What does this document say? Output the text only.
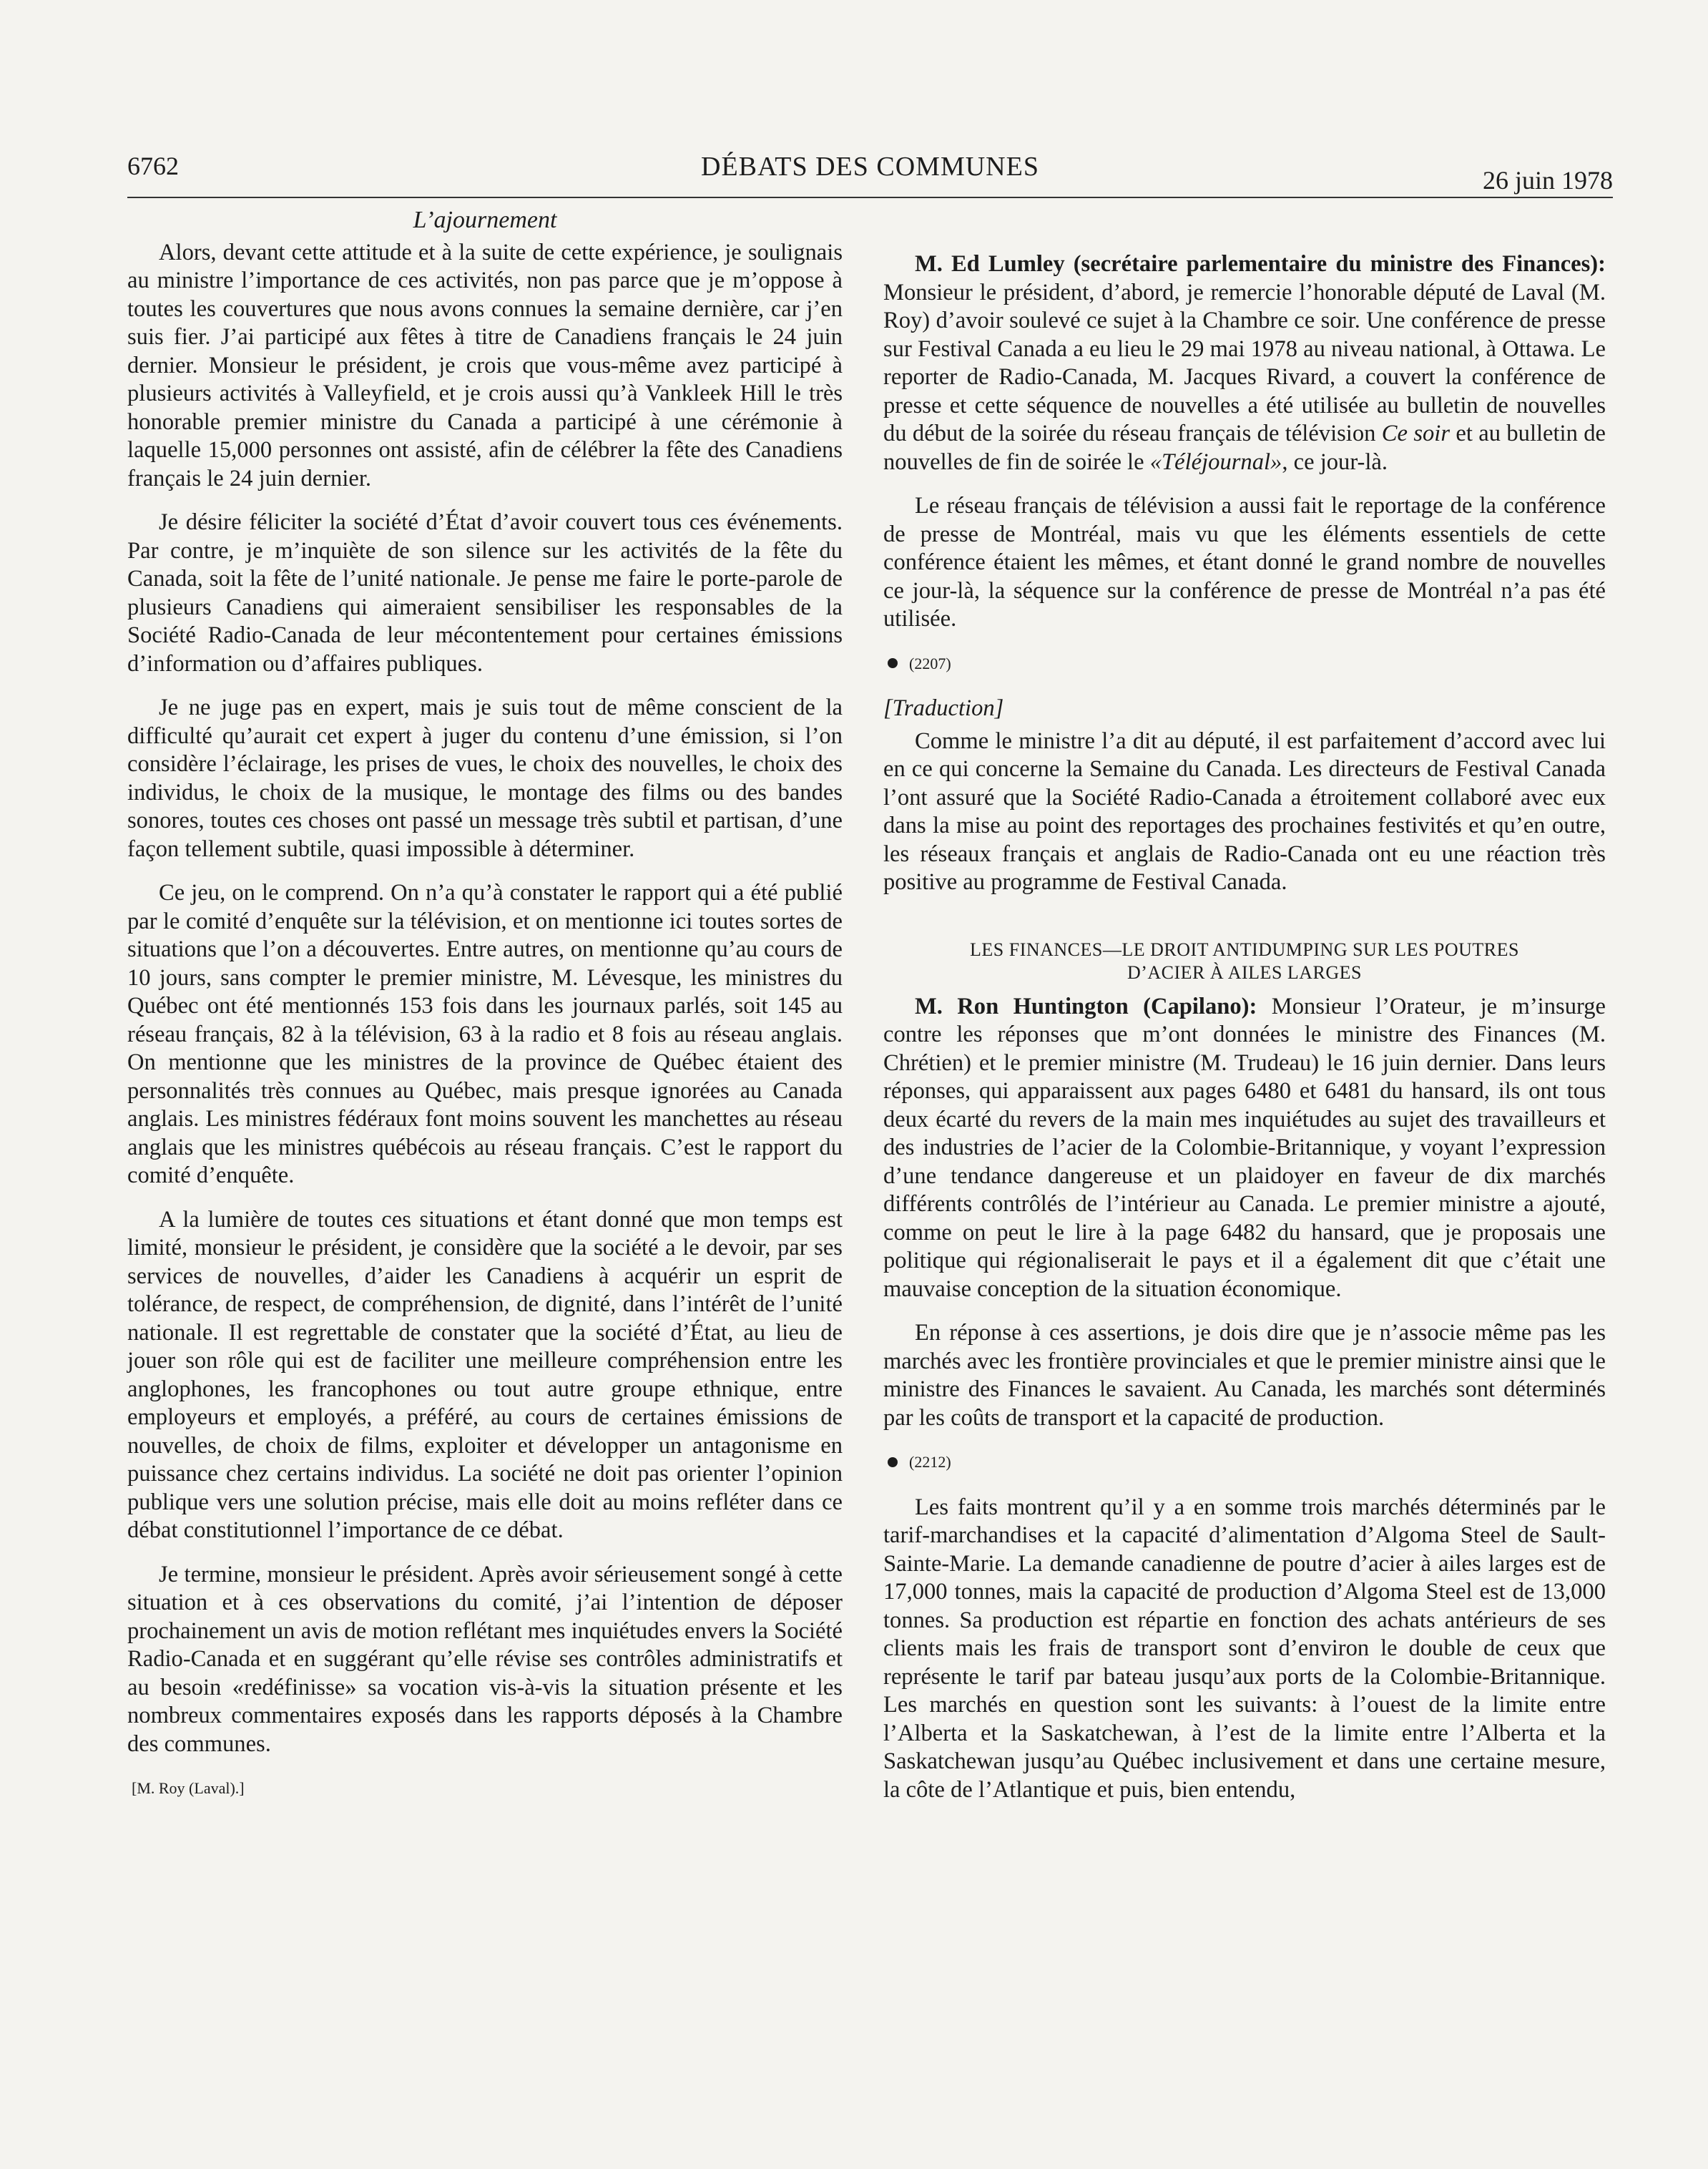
6762	DÉBATS DES COMMUNES	26 juin 1978
L’ajournement

Alors, devant cette attitude et à la suite de cette expérience, je soulignais au ministre l’importance de ces activités, non pas parce que je m’oppose à toutes les couvertures que nous avons connues la semaine dernière, car j’en suis fier. J’ai participé aux fêtes à titre de Canadiens français le 24 juin dernier. Monsieur le président, je crois que vous-même avez participé à plusieurs activités à Valleyfield, et je crois aussi qu’à Vankleek Hill le très honorable premier ministre du Canada a participé à une cérémonie à laquelle 15,000 personnes ont assisté, afin de célébrer la fête des Canadiens français le 24 juin dernier.

Je désire féliciter la société d’État d’avoir couvert tous ces événements. Par contre, je m’inquiète de son silence sur les activités de la fête du Canada, soit la fête de l’unité nationale. Je pense me faire le porte-parole de plusieurs Canadiens qui aimeraient sensibiliser les responsables de la Société Radio-Canada de leur mécontentement pour certaines émissions d’information ou d’affaires publiques.

Je ne juge pas en expert, mais je suis tout de même conscient de la difficulté qu’aurait cet expert à juger du contenu d’une émission, si l’on considère l’éclairage, les prises de vues, le choix des nouvelles, le choix des individus, le choix de la musique, le montage des films ou des bandes sonores, toutes ces choses ont passé un message très subtil et partisan, d’une façon tellement subtile, quasi impossible à déterminer.

Ce jeu, on le comprend. On n’a qu’à constater le rapport qui a été publié par le comité d’enquête sur la télévision, et on mentionne ici toutes sortes de situations que l’on a découvertes. Entre autres, on mentionne qu’au cours de 10 jours, sans compter le premier ministre, M. Lévesque, les ministres du Québec ont été mentionnés 153 fois dans les journaux parlés, soit 145 au réseau français, 82 à la télévision, 63 à la radio et 8 fois au réseau anglais. On mentionne que les ministres de la province de Québec étaient des personnalités très connues au Québec, mais presque ignorées au Canada anglais. Les ministres fédéraux font moins souvent les manchettes au réseau anglais que les ministres québécois au réseau français. C’est le rapport du comité d’enquête.

A la lumière de toutes ces situations et étant donné que mon temps est limité, monsieur le président, je considère que la société a le devoir, par ses services de nouvelles, d’aider les Canadiens à acquérir un esprit de tolérance, de respect, de compréhension, de dignité, dans l’intérêt de l’unité nationale. Il est regrettable de constater que la société d’État, au lieu de jouer son rôle qui est de faciliter une meilleure compréhension entre les anglophones, les francophones ou tout autre groupe ethnique, entre employeurs et employés, a préféré, au cours de certaines émissions de nouvelles, de choix de films, exploiter et développer un antagonisme en puissance chez certains individus. La société ne doit pas orienter l’opinion publique vers une solution précise, mais elle doit au moins refléter dans ce débat constitutionnel l’importance de ce débat.

Je termine, monsieur le président. Après avoir sérieusement songé à cette situation et à ces observations du comité, j’ai l’intention de déposer prochainement un avis de motion reflétant mes inquiétudes envers la Société Radio-Canada et en suggérant qu’elle révise ses contrôles administratifs et au besoin «redéfinisse» sa vocation vis-à-vis la situation présente et les nombreux commentaires exposés dans les rapports déposés à la Chambre des communes.

[M. Roy (Laval).]

M. Ed Lumley (secrétaire parlementaire du ministre des Finances): Monsieur le président, d’abord, je remercie l’honorable député de Laval (M. Roy) d’avoir soulevé ce sujet à la Chambre ce soir. Une conférence de presse sur Festival Canada a eu lieu le 29 mai 1978 au niveau national, à Ottawa. Le reporter de Radio-Canada, M. Jacques Rivard, a couvert la conférence de presse et cette séquence de nouvelles a été utilisée au bulletin de nouvelles du début de la soirée du réseau français de télévision Ce soir et au bulletin de nouvelles de fin de soirée le «Téléjournal», ce jour-là.

Le réseau français de télévision a aussi fait le reportage de la conférence de presse de Montréal, mais vu que les éléments essentiels de cette conférence étaient les mêmes, et étant donné le grand nombre de nouvelles ce jour-là, la séquence sur la conférence de presse de Montréal n’a pas été utilisée.

(2207)
[Traduction]

Comme le ministre l’a dit au député, il est parfaitement d’accord avec lui en ce qui concerne la Semaine du Canada. Les directeurs de Festival Canada l’ont assuré que la Société Radio-Canada a étroitement collaboré avec eux dans la mise au point des reportages des prochaines festivités et qu’en outre, les réseaux français et anglais de Radio-Canada ont eu une réaction très positive au programme de Festival Canada.

LES FINANCES—LE DROIT ANTIDUMPING SUR LES POUTRES
D’ACIER À AILES LARGES

M. Ron Huntington (Capilano): Monsieur l’Orateur, je m’insurge contre les réponses que m’ont données le ministre des Finances (M. Chrétien) et le premier ministre (M. Trudeau) le 16 juin dernier. Dans leurs réponses, qui apparaissent aux pages 6480 et 6481 du hansard, ils ont tous deux écarté du revers de la main mes inquiétudes au sujet des travailleurs et des industries de l’acier de la Colombie-Britannique, y voyant l’expression d’une tendance dangereuse et un plaidoyer en faveur de dix marchés différents contrôlés de l’intérieur au Canada. Le premier ministre a ajouté, comme on peut le lire à la page 6482 du hansard, que je proposais une politique qui régionaliserait le pays et il a également dit que c’était une mauvaise conception de la situation économique.

En réponse à ces assertions, je dois dire que je n’associe même pas les marchés avec les frontière provinciales et que le premier ministre ainsi que le ministre des Finances le savaient. Au Canada, les marchés sont déterminés par les coûts de transport et la capacité de production.

(2212)

Les faits montrent qu’il y a en somme trois marchés déterminés par le tarif-marchandises et la capacité d’alimentation d’Algoma Steel de Sault-Sainte-Marie. La demande canadienne de poutre d’acier à ailes larges est de 17,000 tonnes, mais la capacité de production d’Algoma Steel est de 13,000 tonnes. Sa production est répartie en fonction des achats antérieurs de ses clients mais les frais de transport sont d’environ le double de ceux que représente le tarif par bateau jusqu’aux ports de la Colombie-Britannique. Les marchés en question sont les suivants: à l’ouest de la limite entre l’Alberta et la Saskatchewan, à l’est de la limite entre l’Alberta et la Saskatchewan jusqu’au Québec inclusivement et dans une certaine mesure, la côte de l’Atlantique et puis, bien entendu,
